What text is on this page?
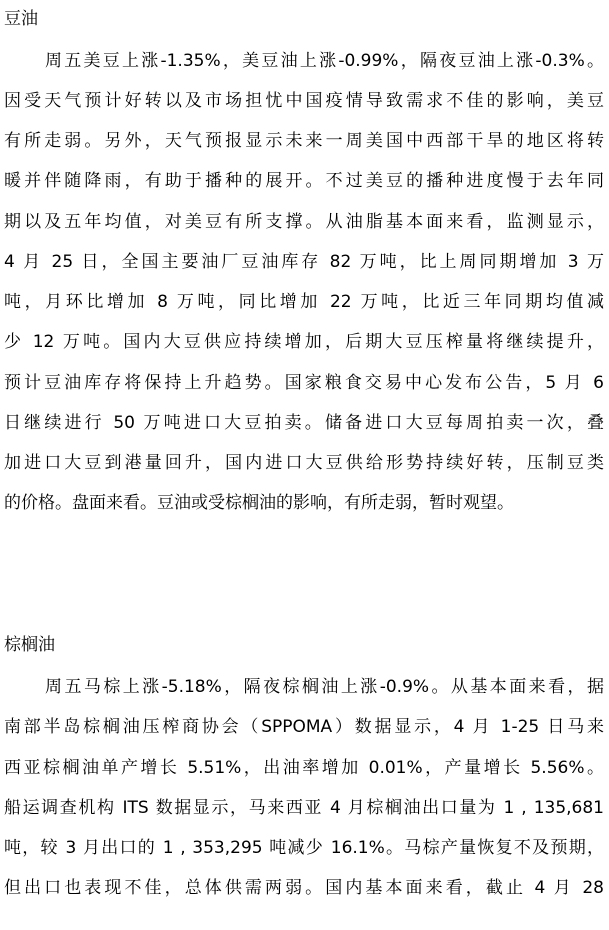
豆油
周五美豆上涨-1.35%，美豆油上涨-0.99%，隔夜豆油上涨-0.3%。
因受天气预计好转以及市场担忧中国疫情导致需求不佳的影响，美豆
有所走弱。另外，天气预报显示未来一周美国中西部干旱的地区将转
暖并伴随降雨，有助于播种的展开。不过美豆的播种进度慢于去年同
期以及五年均值，对美豆有所支撑。从油脂基本面来看，监测显示，
4 月 25 日，全国主要油厂豆油库存 82 万吨，比上周同期增加 3 万
吨，月环比增加 8 万吨，同比增加 22 万吨，比近三年同期均值减
少 12 万吨。国内大豆供应持续增加，后期大豆压榨量将继续提升，
预计豆油库存将保持上升趋势。国家粮食交易中心发布公告，5 月 6
日继续进行 50 万吨进口大豆拍卖。储备进口大豆每周拍卖一次，叠
加进口大豆到港量回升，国内进口大豆供给形势持续好转，压制豆类
的价格。盘面来看。豆油或受棕榈油的影响，有所走弱，暂时观望。
棕榈油
周五马棕上涨-5.18%，隔夜棕榈油上涨-0.9%。从基本面来看，据
南部半岛棕榈油压榨商协会（SPPOMA）数据显示，4 月 1-25 日马来
西亚棕榈油单产增长 5.51%，出油率增加 0.01%，产量增长 5.56%。
船运调查机构 ITS 数据显示，马来西亚 4 月棕榈油出口量为 1 , 135,681
吨，较 3 月出口的 1 , 353,295 吨减少 16.1%。马棕产量恢复不及预期，
但出口也表现不佳，总体供需两弱。国内基本面来看，截止 4 月 28
